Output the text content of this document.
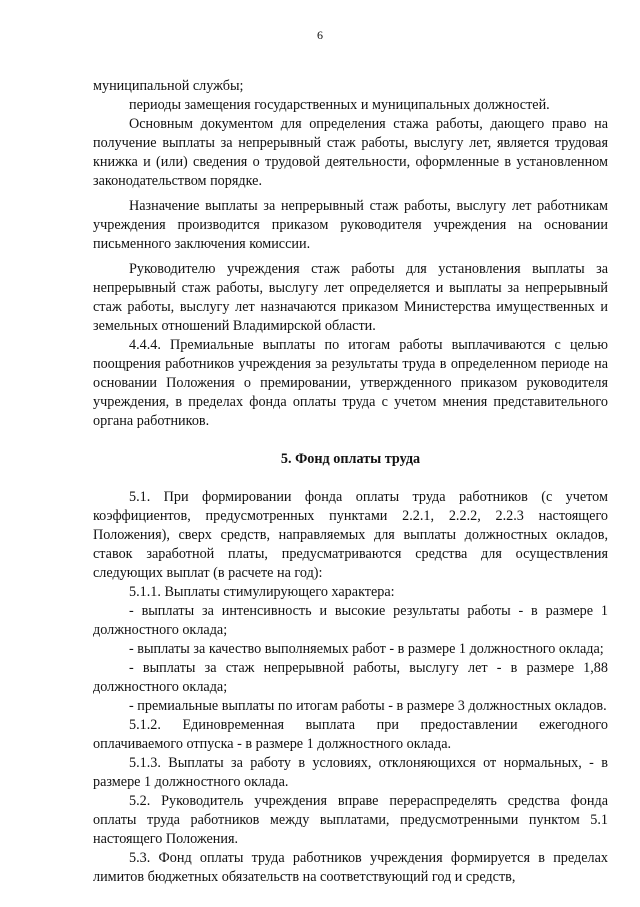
6

муниципальной службы;

периоды замещения государственных и муниципальных должностей.

Основным документом для определения стажа работы, дающего право на получение выплаты за непрерывный стаж работы, выслугу лет, является трудовая книжка и (или) сведения о трудовой деятельности, оформленные в установленном законодательством порядке.

Назначение выплаты за непрерывный стаж работы, выслугу лет работникам учреждения производится приказом руководителя учреждения на основании письменного заключения комиссии.

Руководителю учреждения стаж работы для установления выплаты за непрерывный стаж работы, выслугу лет определяется и выплаты за непрерывный стаж работы, выслугу лет назначаются приказом Министерства имущественных и земельных отношений Владимирской области.

4.4.4. Премиальные выплаты по итогам работы выплачиваются с целью поощрения работников учреждения за результаты труда в определенном периоде на основании Положения о премировании, утвержденного приказом руководителя учреждения, в пределах фонда оплаты труда с учетом мнения представительного органа работников.

5. Фонд оплаты труда

5.1. При формировании фонда оплаты труда работников (с учетом коэффициентов, предусмотренных пунктами 2.2.1, 2.2.2, 2.2.3 настоящего Положения), сверх средств, направляемых для выплаты должностных окладов, ставок заработной платы, предусматриваются средства для осуществления следующих выплат (в расчете на год):

5.1.1. Выплаты стимулирующего характера:

- выплаты за интенсивность и высокие результаты работы - в размере 1 должностного оклада;

- выплаты за качество выполняемых работ - в размере 1 должностного оклада;

- выплаты за стаж непрерывной работы, выслугу лет - в размере 1,88 должностного оклада;

- премиальные выплаты по итогам работы - в размере 3 должностных окладов.

5.1.2. Единовременная выплата при предоставлении ежегодного оплачиваемого отпуска - в размере 1 должностного оклада.

5.1.3. Выплаты за работу в условиях, отклоняющихся от нормальных, - в размере 1 должностного оклада.

5.2. Руководитель учреждения вправе перераспределять средства фонда оплаты труда работников между выплатами, предусмотренными пунктом 5.1 настоящего Положения.

5.3. Фонд оплаты труда работников учреждения формируется в пределах лимитов бюджетных обязательств на соответствующий год и средств,
